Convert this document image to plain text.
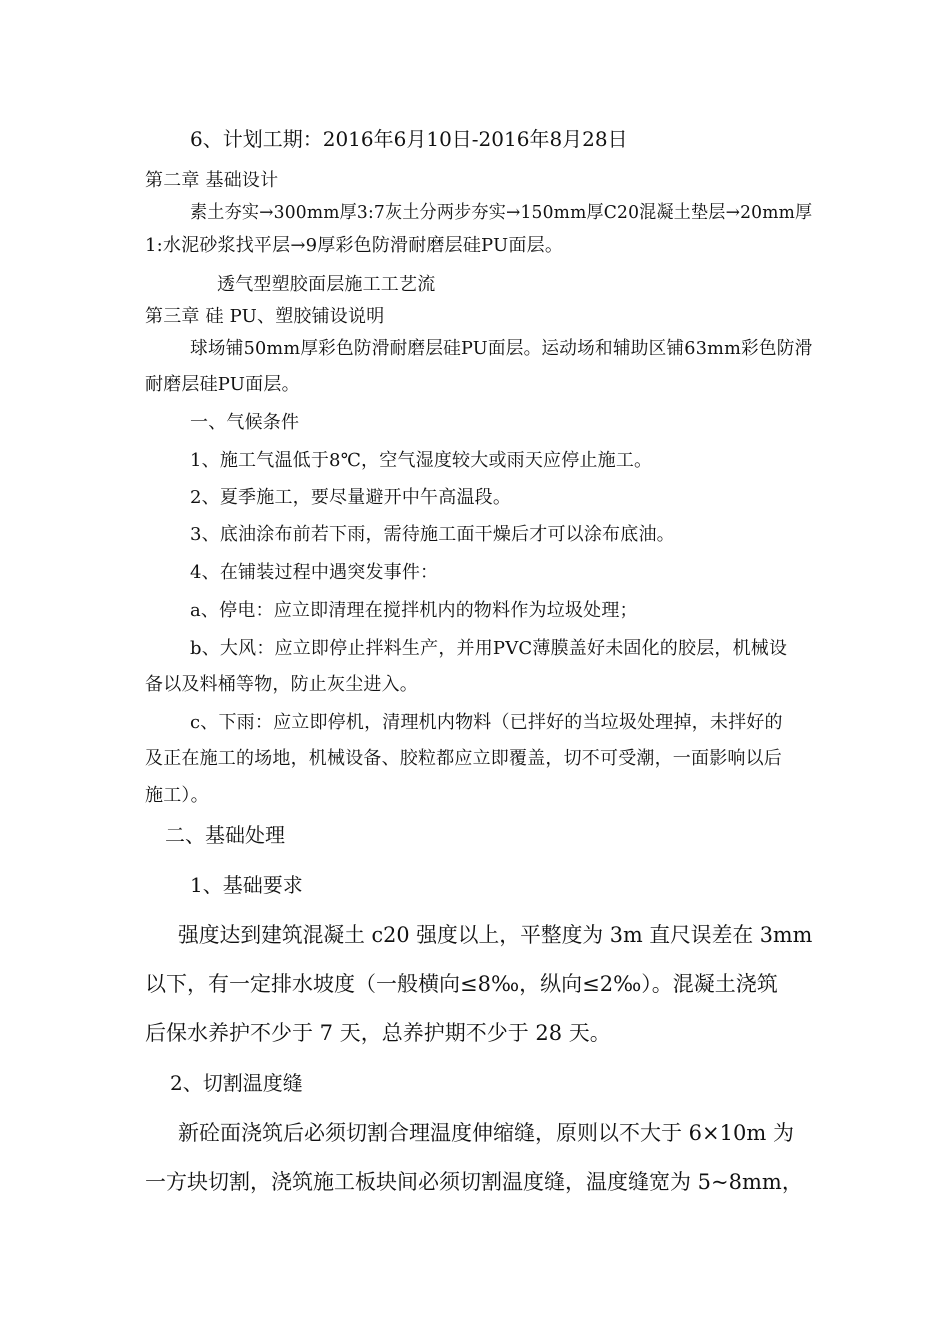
6、计划工期：2016年6月10日-2016年8月28日
第二章 基础设计
素土夯实→300mm厚3:7灰土分两步夯实→150mm厚C20混凝土垫层→20mm厚
1:水泥砂浆找平层→9厚彩色防滑耐磨层硅PU面层。
透气型塑胶面层施工工艺流
第三章 硅 PU、塑胶铺设说明
球场铺50mm厚彩色防滑耐磨层硅PU面层。运动场和辅助区铺63mm彩色防滑
耐磨层硅PU面层。
一、气候条件
1、施工气温低于8℃，空气湿度较大或雨天应停止施工。
2、夏季施工，要尽量避开中午高温段。
3、底油涂布前若下雨，需待施工面干燥后才可以涂布底油。
4、在铺装过程中遇突发事件：
a、停电：应立即清理在搅拌机内的物料作为垃圾处理；
b、大风：应立即停止拌料生产，并用PVC薄膜盖好未固化的胶层，机械设
备以及料桶等物，防止灰尘进入。
c、下雨：应立即停机，清理机内物料（已拌好的当垃圾处理掉，未拌好的
及正在施工的场地，机械设备、胶粒都应立即覆盖，切不可受潮，一面影响以后
施工）。
二、基础处理
1、基础要求
强度达到建筑混凝土 c20 强度以上，平整度为 3m 直尺误差在 3mm
以下，有一定排水坡度（一般横向≤8‰，纵向≤2‰）。混凝土浇筑
后保水养护不少于 7 天，总养护期不少于 28 天。
2、切割温度缝
新砼面浇筑后必须切割合理温度伸缩缝，原则以不大于 6×10m 为
一方块切割，浇筑施工板块间必须切割温度缝，温度缝宽为 5~8mm，
